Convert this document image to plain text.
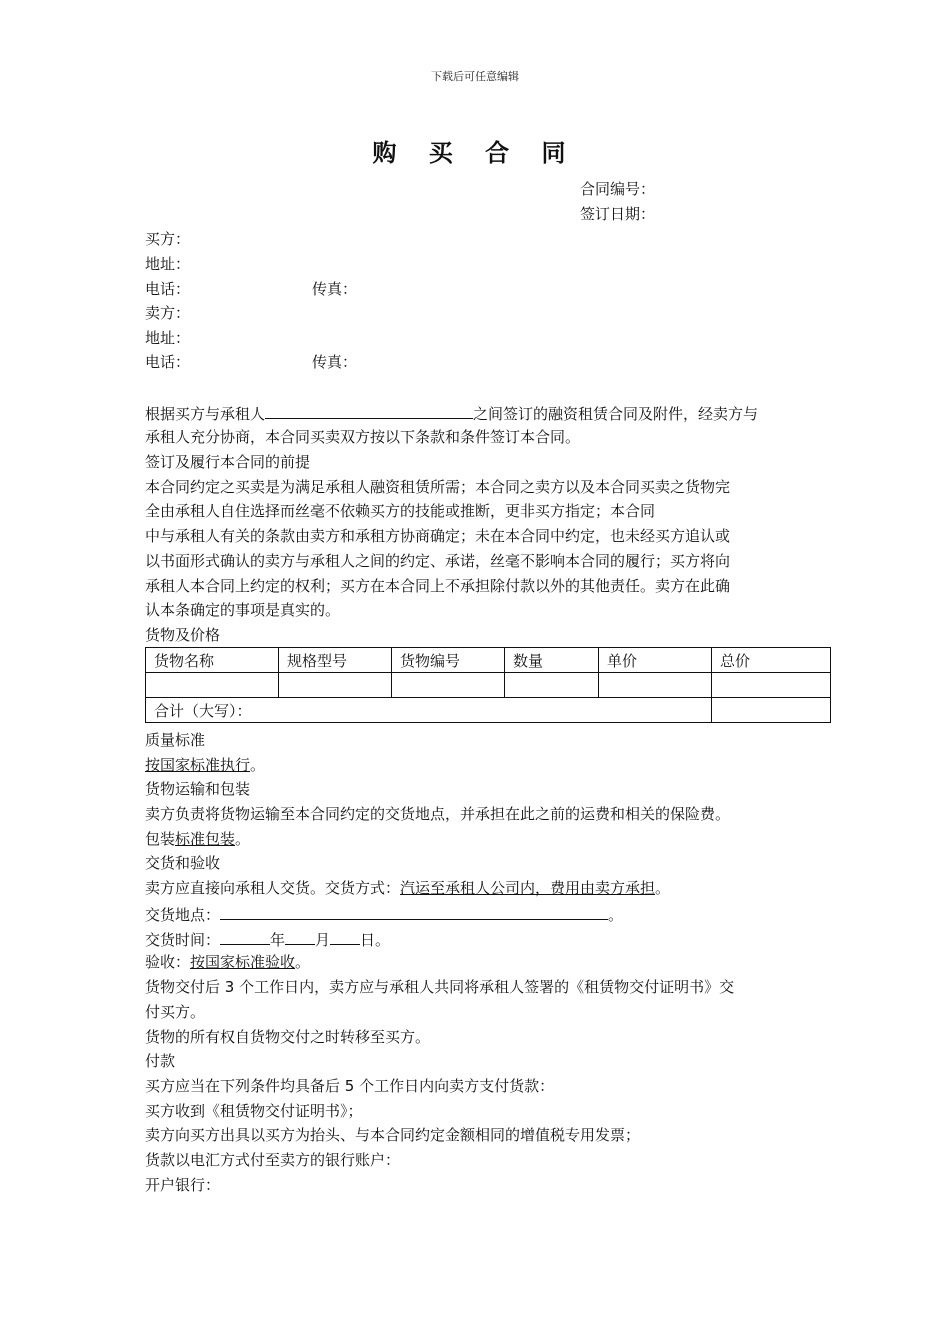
下载后可任意编辑
购 买 合 同
合同编号：
签订日期：
买方：
地址：
电话：	传真：
卖方：
地址：
电话：	传真：
根据买方与承租人	之间签订的融资租赁合同及附件，经卖方与
承租人充分协商，本合同买卖双方按以下条款和条件签订本合同。
签订及履行本合同的前提
本合同约定之买卖是为满足承租人融资租赁所需；本合同之卖方以及本合同买卖之货物完
全由承租人自住选择而丝毫不依赖买方的技能或推断，更非买方指定；本合同
中与承租人有关的条款由卖方和承租方协商确定；未在本合同中约定，也未经买方追认或
以书面形式确认的卖方与承租人之间的约定、承诺，丝毫不影响本合同的履行；买方将向
承租人本合同上约定的权利；买方在本合同上不承担除付款以外的其他责任。卖方在此确
认本条确定的事项是真实的。
货物及价格
货物名称	规格型号	货物编号	数量	单价	总价

合计（大写）：					
质量标准
按国家标准执行。
货物运输和包装
卖方负责将货物运输至本合同约定的交货地点，并承担在此之前的运费和相关的保险费。
包装标准包装。
交货和验收
卖方应直接向承租人交货。交货方式：汽运至承租人公司内，费用由卖方承担。
交货地点：	。
交货时间：	年 月 日。
验收：按国家标准验收。
货物交付后 3 个工作日内，卖方应与承租人共同将承租人签署的《租赁物交付证明书》交
付买方。
货物的所有权自货物交付之时转移至买方。
付款
买方应当在下列条件均具备后 5 个工作日内向卖方支付货款：
买方收到《租赁物交付证明书》；
卖方向买方出具以买方为抬头、与本合同约定金额相同的增值税专用发票；
货款以电汇方式付至卖方的银行账户：
开户银行：
